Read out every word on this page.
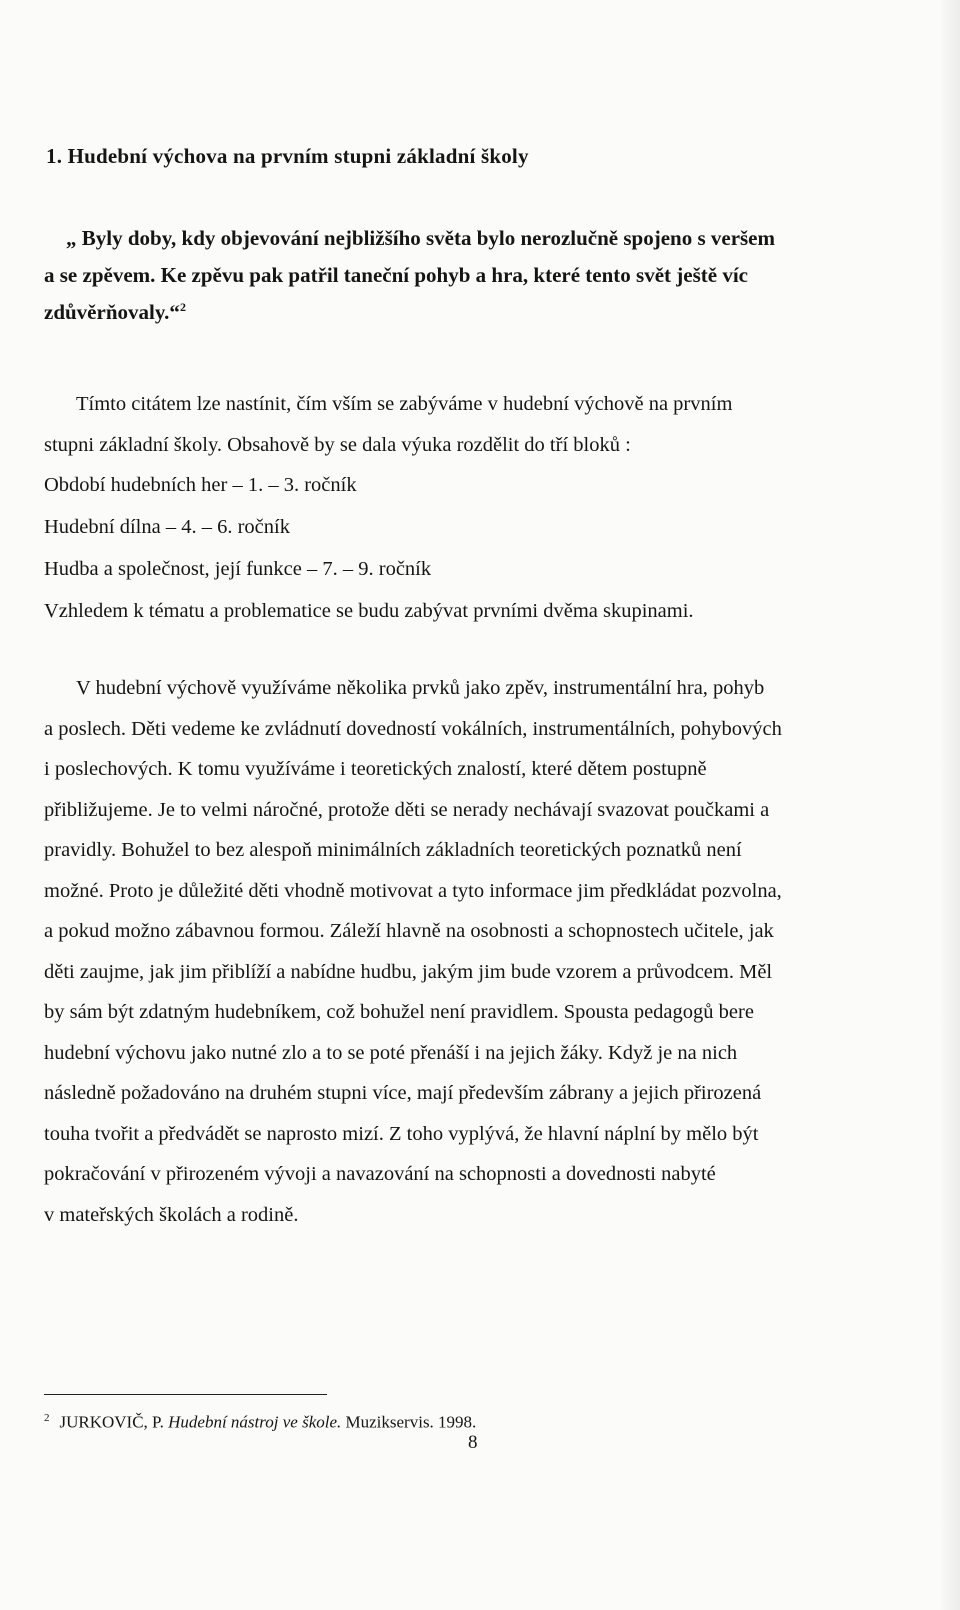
1. Hudební výchova na prvním stupni základní školy

„ Byly doby, kdy objevování nejbližšího světa bylo nerozlučně spojeno s veršem
a se zpěvem. Ke zpěvu pak patřil taneční pohyb a hra, které tento svět ještě víc
zdůvěrňovaly.“$^2$

Tímto citátem lze nastínit, čím vším se zabýváme v hudební výchově na prvním
stupni základní školy. Obsahově by se dala výuka rozdělit do tří bloků :

Období hudebních her – 1. – 3. ročník
Hudební dílna – 4. – 6. ročník
Hudba a společnost, její funkce – 7. – 9. ročník
Vzhledem k tématu a problematice se budu zabývat prvními dvěma skupinami.

V hudební výchově využíváme několika prvků jako zpěv, instrumentální hra, pohyb
a poslech. Děti vedeme ke zvládnutí dovedností vokálních, instrumentálních, pohybových
i poslechových. K tomu využíváme i teoretických znalostí, které dětem postupně
přibližujeme. Je to velmi náročné, protože děti se nerady nechávají svazovat poučkami a
pravidly. Bohužel to bez alespoň minimálních základních teoretických poznatků není
možné. Proto je důležité děti vhodně motivovat a tyto informace jim předkládat pozvolna,
a pokud možno zábavnou formou. Záleží hlavně na osobnosti a schopnostech učitele, jak
děti zaujme, jak jim přiblíží a nabídne hudbu, jakým jim bude vzorem a průvodcem. Měl
by sám být zdatným hudebníkem, což bohužel není pravidlem. Spousta pedagogů bere
hudební výchovu jako nutné zlo a to se poté přenáší i na jejich žáky. Když je na nich
následně požadováno na druhém stupni více, mají především zábrany a jejich přirozená
touha tvořit a předvádět se naprosto mizí. Z toho vyplývá, že hlavní náplní by mělo být
pokračování v přirozeném vývoji a navazování na schopnosti a dovednosti nabyté
v mateřských školách a rodině.

$^2$ JURKOVIČ, P. Hudební nástroj ve škole. Muzikservis. 1998.
8
